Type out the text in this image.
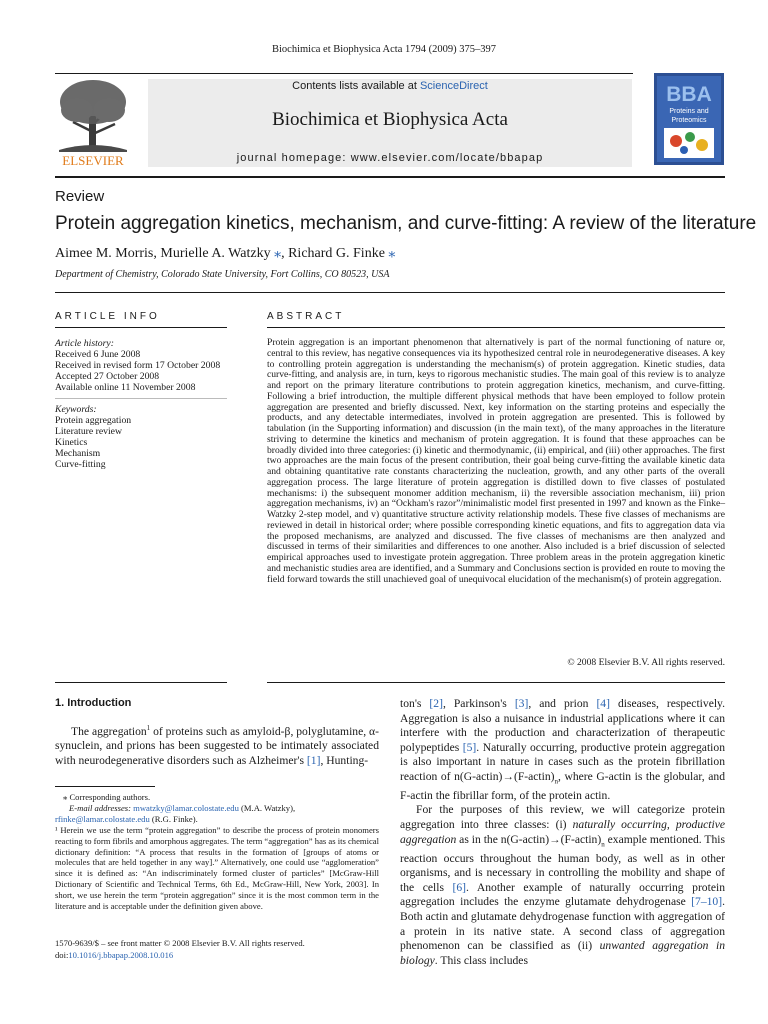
Biochimica et Biophysica Acta 1794 (2009) 375–397
Contents lists available at ScienceDirect
Biochimica et Biophysica Acta
journal homepage: www.elsevier.com/locate/bbapap
ELSEVIER
BBA
Proteins and
Proteomics
Review
Protein aggregation kinetics, mechanism, and curve-fitting: A review of the literature
Aimee M. Morris, Murielle A. Watzky ⁎, Richard G. Finke ⁎
Department of Chemistry, Colorado State University, Fort Collins, CO 80523, USA
ARTICLE INFO	ABSTRACT
Article history:
Received 6 June 2008
Received in revised form 17 October 2008
Accepted 27 October 2008
Available online 11 November 2008
Keywords:
Protein aggregation
Literature review
Kinetics
Mechanism
Curve-fitting
Protein aggregation is an important phenomenon that alternatively is part of the normal functioning of nature or, central to this review, has negative consequences via its hypothesized central role in neurodegenerative diseases. A key to controlling protein aggregation is understanding the mechanism(s) of protein aggregation. Kinetic studies, data curve-fitting, and analysis are, in turn, keys to rigorous mechanistic studies. The main goal of this review is to analyze and report on the primary literature contributions to protein aggregation kinetics, mechanism, and curve-fitting. Following a brief introduction, the multiple different physical methods that have been employed to follow protein aggregation are presented and briefly discussed. Next, key information on the starting proteins and especially the products, and any detectable intermediates, involved in protein aggregation are presented. This is followed by tabulation (in the Supporting information) and discussion (in the main text), of the many approaches in the literature striving to determine the kinetics and mechanism of protein aggregation. It is found that these approaches can be broadly divided into three categories: (i) kinetic and thermodynamic, (ii) empirical, and (iii) other approaches. The first two approaches are the main focus of the present contribution, their goal being curve-fitting the available kinetic data and obtaining quantitative rate constants characterizing the nucleation, growth, and any other parts of the overall aggregation process. The large literature of protein aggregation is distilled down to five classes of postulated mechanisms: i) the subsequent monomer addition mechanism, ii) the reversible association mechanism, iii) prion aggregation mechanisms, iv) an “Ockham's razor”/minimalistic model first presented in 1997 and known as the Finke–Watzky 2-step model, and v) quantitative structure activity relationship models. These five classes of mechanisms are reviewed in detail in historical order; where possible corresponding kinetic equations, and fits to aggregation data via the proposed mechanisms, are analyzed and discussed. The five classes of mechanisms are then analyzed and discussed in terms of their similarities and differences to one another. Also included is a brief discussion of selected empirical approaches used to investigate protein aggregation. Three problem areas in the protein aggregation kinetic and mechanistic studies area are identified, and a Summary and Conclusions section is provided en route to moving the field forward towards the still unachieved goal of unequivocal elucidation of the mechanism(s) of protein aggregation.
© 2008 Elsevier B.V. All rights reserved.
1. Introduction
The aggregation$^1$ of proteins such as amyloid-β, polyglutamine, α-synuclein, and prions has been suggested to be intimately associated with neurodegenerative disorders such as Alzheimer's [1], Hunting-

⁎ Corresponding authors.

E-mail addresses: mwatzky@lamar.colostate.edu (M.A. Watzky),

rfinke@lamar.colostate.edu (R.G. Finke).

¹ Herein we use the term “protein aggregation” to describe the process of protein monomers reacting to form fibrils and amorphous aggregates. The term “aggregation” has as its chemical dictionary definition: “A process that results in the formation of [groups of atoms or molecules that are held together in any way].” Alternatively, one could use “agglomeration” since it is defined as: “An indiscriminately formed cluster of particles” [McGraw-Hill Dictionary of Scientific and Technical Terms, 6th Ed., McGraw-Hill, New York, 2003]. In short, we use herein the term “protein aggregation” since it is the most common term in the literature and is acceptable under the definition given above.

1570-9639/$ – see front matter © 2008 Elsevier B.V. All rights reserved.
doi:10.1016/j.bbapap.2008.10.016

ton's [2], Parkinson's [3], and prion [4] diseases, respectively. Aggregation is also a nuisance in industrial applications where it can interfere with the production and characterization of therapeutic polypeptides [5]. Naturally occurring, productive protein aggregation is also important in nature in cases such as the protein fibrillation reaction of $n(G-actin)\to(F-actin)_n$, where G-actin is the globular, and F-actin the fibrillar form, of the protein actin.

For the purposes of this review, we will categorize protein aggregation into three classes: (i) naturally occurring, productive aggregation as in the $n(G-actin)\to(F-actin)_n$ example mentioned. This reaction occurs throughout the human body, as well as in other organisms, and is necessary in controlling the mobility and shape of the cells [6]. Another example of naturally occurring protein aggregation includes the enzyme glutamate dehydrogenase [7–10]. Both actin and glutamate dehydrogenase function with aggregation of a protein in its native state. A second class of aggregation phenomenon can be classified as (ii) unwanted aggregation in biology. This class includes
